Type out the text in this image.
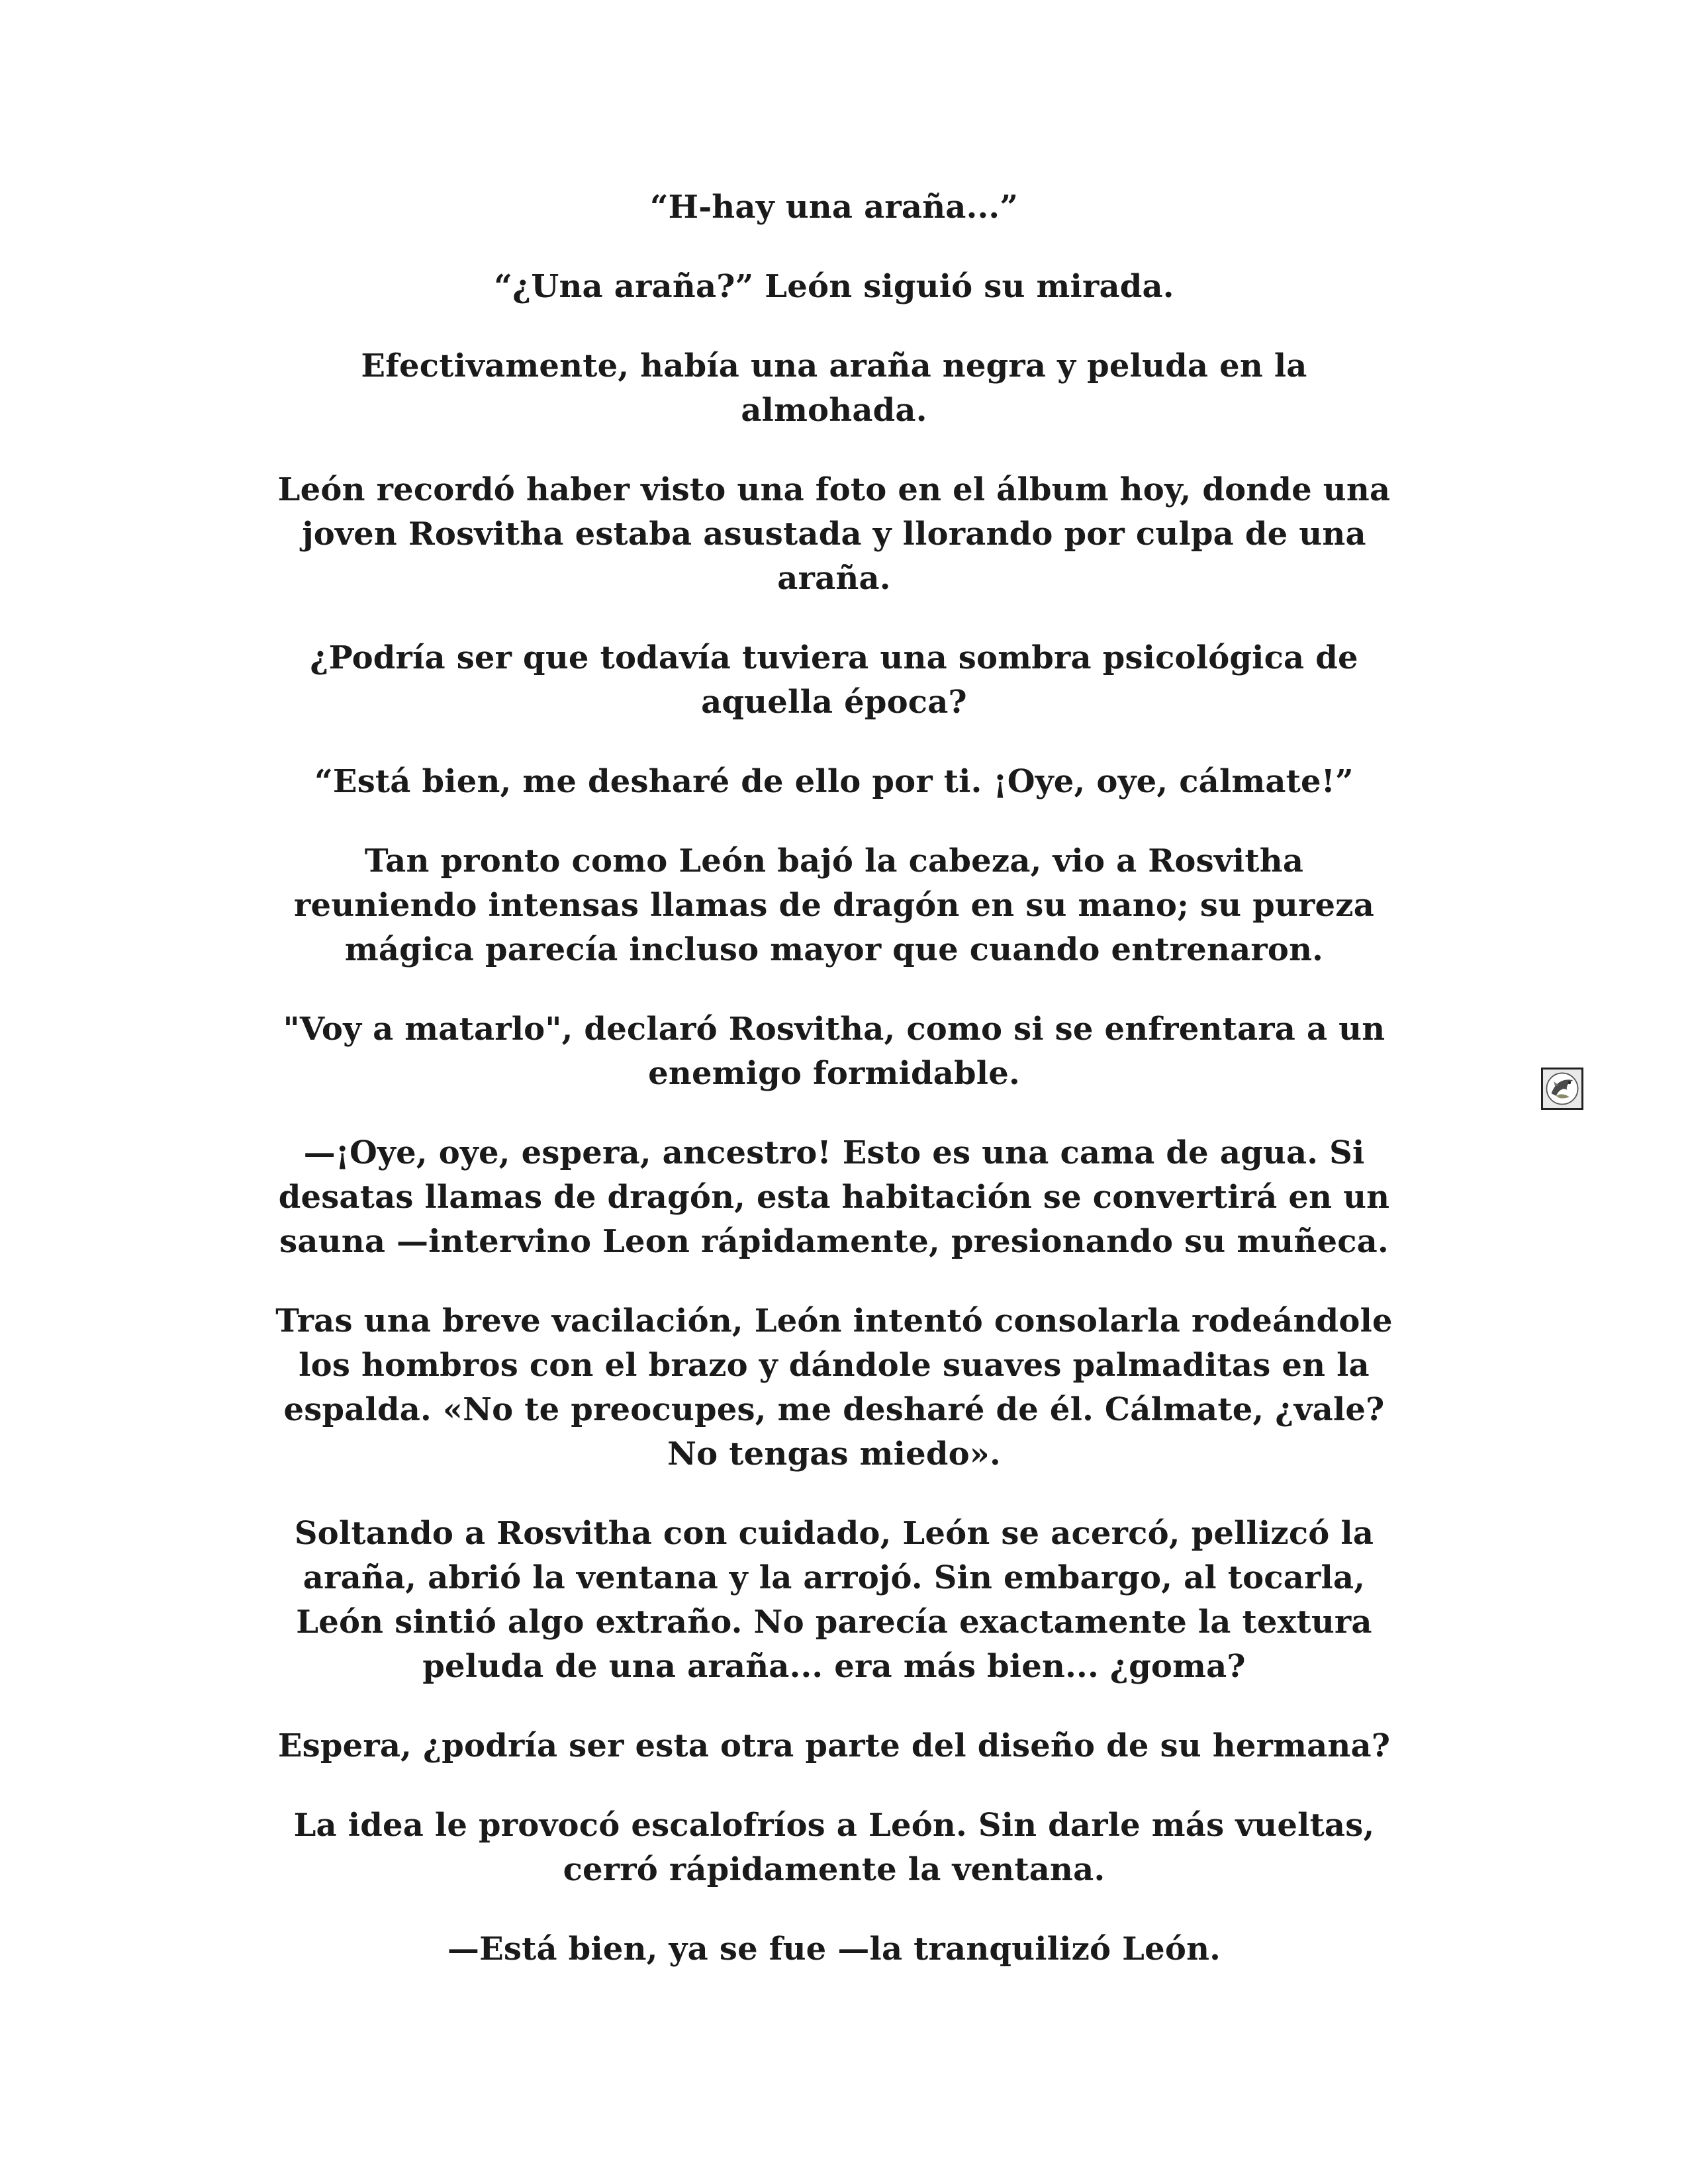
“H-hay una araña...”

“¿Una araña?” León siguió su mirada.

Efectivamente, había una araña negra y peluda en la
almohada.

León recordó haber visto una foto en el álbum hoy, donde una
joven Rosvitha estaba asustada y llorando por culpa de una
araña.

¿Podría ser que todavía tuviera una sombra psicológica de
aquella época?

“Está bien, me desharé de ello por ti. ¡Oye, oye, cálmate!”

Tan pronto como León bajó la cabeza, vio a Rosvitha
reuniendo intensas llamas de dragón en su mano; su pureza
mágica parecía incluso mayor que cuando entrenaron.

"Voy a matarlo", declaró Rosvitha, como si se enfrentara a un
enemigo formidable.

—¡Oye, oye, espera, ancestro! Esto es una cama de agua. Si
desatas llamas de dragón, esta habitación se convertirá en un
sauna —intervino Leon rápidamente, presionando su muñeca.

Tras una breve vacilación, León intentó consolarla rodeándole
los hombros con el brazo y dándole suaves palmaditas en la
espalda. «No te preocupes, me desharé de él. Cálmate, ¿vale?
No tengas miedo».

Soltando a Rosvitha con cuidado, León se acercó, pellizcó la
araña, abrió la ventana y la arrojó. Sin embargo, al tocarla,
León sintió algo extraño. No parecía exactamente la textura
peluda de una araña... era más bien... ¿goma?

Espera, ¿podría ser esta otra parte del diseño de su hermana?

La idea le provocó escalofríos a León. Sin darle más vueltas,
cerró rápidamente la ventana.

—Está bien, ya se fue —la tranquilizó León.
